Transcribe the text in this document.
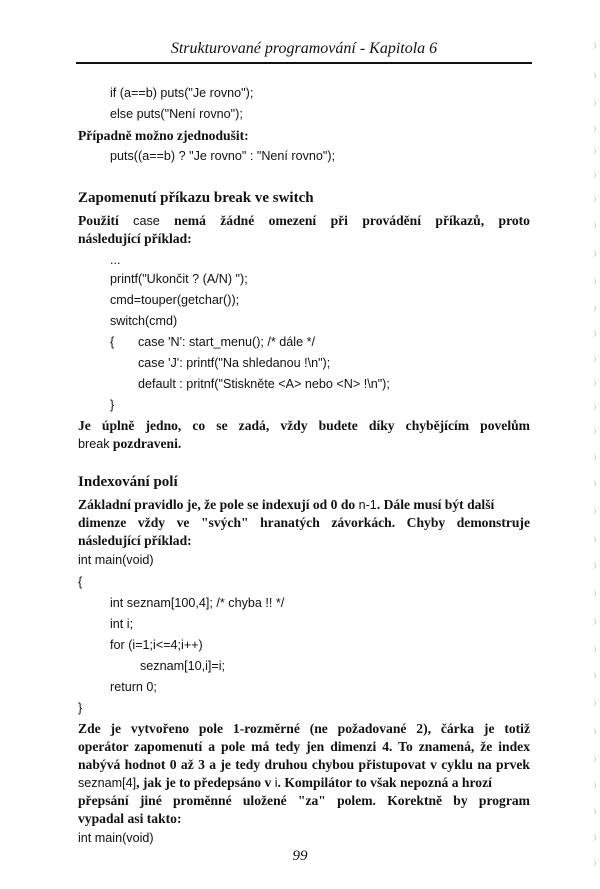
Strukturované programování - Kapitola 6
if (a==b) puts("Je rovno");
else puts("Není rovno");
Případně možno zjednodušit:
puts((a==b) ? "Je rovno" : "Není rovno");
Zapomenutí příkazu break ve switch
Použití case nemá žádné omezení při provádění příkazů, proto
následující příklad:
...
printf("Ukončit ? (A/N) ");
cmd=touper(getchar());
switch(cmd)
{ case 'N': start_menu(); /* dále */
case 'J': printf("Na shledanou !\n");
default : pritnf("Stiskněte <A> nebo <N> !\n");
}
Je úplně jedno, co se zadá, vždy budete díky chybějícím povelům
break pozdraveni.
Indexování polí
Základní pravidlo je, že pole se indexují od 0 do n-1. Dále musí být další
dimenze vždy ve "svých" hranatých závorkách. Chyby demonstruje
následující příklad:
int main(void)
{
int seznam[100,4]; /* chyba !! */
int i;
for (i=1;i<=4;i++)
seznam[10,i]=i;
return 0;
}
Zde je vytvořeno pole 1-rozměrné (ne požadované 2), čárka je totiž
operátor zapomenutí a pole má tedy jen dimenzi 4. To znamená, že index
nabývá hodnot 0 až 3 a je tedy druhou chybou přistupovat v cyklu na prvek
seznam[4], jak je to předepsáno v i. Kompilátor to však nepozná a hrozí
přepsání jiné proměnné uložené "za" polem. Korektně by program
vypadal asi takto:
int main(void)
99
